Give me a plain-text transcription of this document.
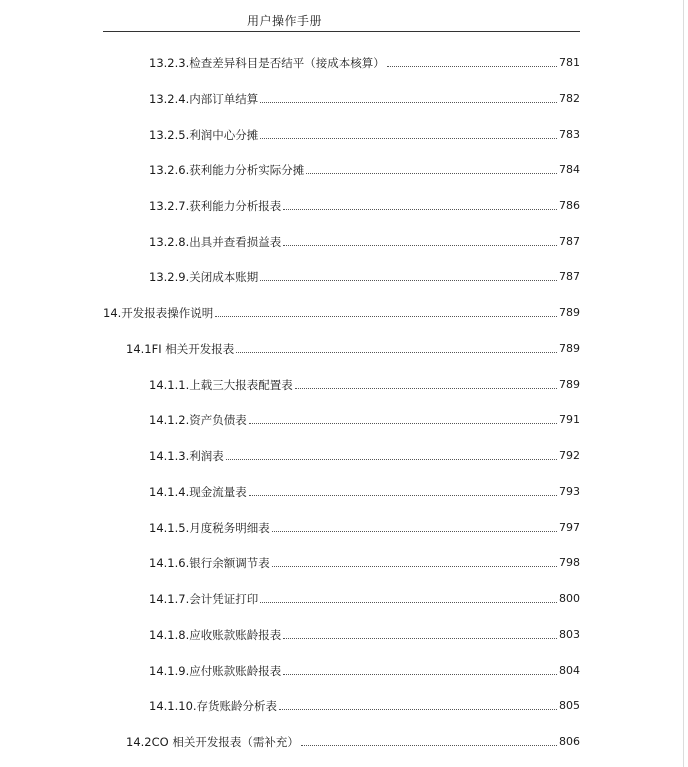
用户操作手册
13.2.3.检查差异科目是否结平（接成本核算）	781
13.2.4.内部订单结算	782
13.2.5.利润中心分摊	783
13.2.6.获利能力分析实际分摊	784
13.2.7.获利能力分析报表	786
13.2.8.出具并查看损益表	787
13.2.9.关闭成本账期	787
14.开发报表操作说明	789
14.1FI 相关开发报表	789
14.1.1.上载三大报表配置表	789
14.1.2.资产负债表	791
14.1.3.利润表	792
14.1.4.现金流量表	793
14.1.5.月度税务明细表	797
14.1.6.银行余额调节表	798
14.1.7.会计凭证打印	800
14.1.8.应收账款账龄报表	803
14.1.9.应付账款账龄报表	804
14.1.10.存货账龄分析表	805
14.2CO 相关开发报表（需补充）	806
